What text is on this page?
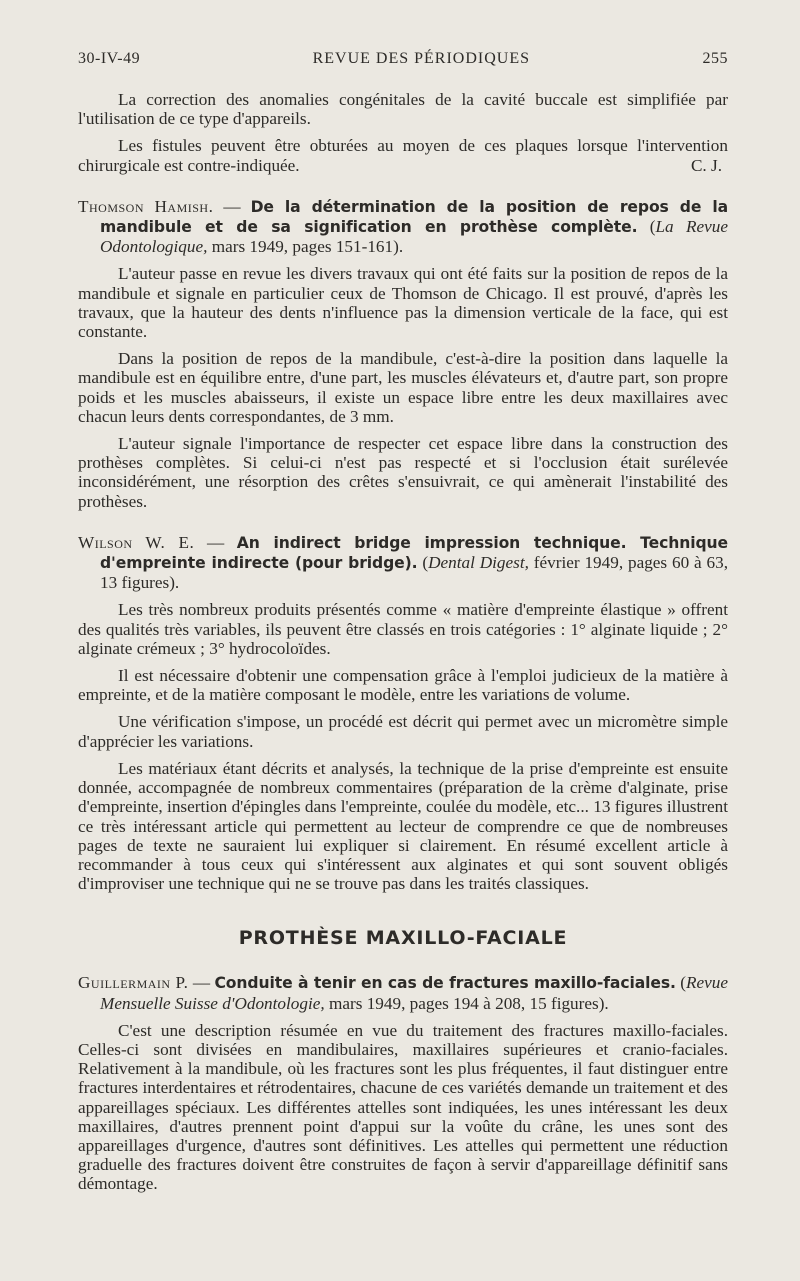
30-IV-49	REVUE DES PÉRIODIQUES	255

La correction des anomalies congénitales de la cavité buccale est simplifiée par l'utilisation de ce type d'appareils.

Les fistules peuvent être obturées au moyen de ces plaques lorsque l'intervention chirurgicale est contre-indiquée.	C. J.

Thomson Hamish. — De la détermination de la position de repos de la mandibule et de sa signification en prothèse complète. (La Revue Odontologique, mars 1949, pages 151-161).

L'auteur passe en revue les divers travaux qui ont été faits sur la position de repos de la mandibule et signale en particulier ceux de Thomson de Chicago. Il est prouvé, d'après les travaux, que la hauteur des dents n'influence pas la dimension verticale de la face, qui est constante.

Dans la position de repos de la mandibule, c'est-à-dire la position dans laquelle la mandibule est en équilibre entre, d'une part, les muscles élévateurs et, d'autre part, son propre poids et les muscles abaisseurs, il existe un espace libre entre les deux maxillaires avec chacun leurs dents correspondantes, de 3 mm.

L'auteur signale l'importance de respecter cet espace libre dans la construction des prothèses complètes. Si celui-ci n'est pas respecté et si l'occlusion était surélevée inconsidérément, une résorption des crêtes s'ensuivrait, ce qui amènerait l'instabilité des prothèses.

Wilson W. E. — An indirect bridge impression technique. Technique d'empreinte indirecte (pour bridge). (Dental Digest, février 1949, pages 60 à 63, 13 figures).

Les très nombreux produits présentés comme « matière d'empreinte élastique » offrent des qualités très variables, ils peuvent être classés en trois catégories : 1° alginate liquide ; 2° alginate crémeux ; 3° hydrocoloïdes.

Il est nécessaire d'obtenir une compensation grâce à l'emploi judicieux de la matière à empreinte, et de la matière composant le modèle, entre les variations de volume.

Une vérification s'impose, un procédé est décrit qui permet avec un micromètre simple d'apprécier les variations.

Les matériaux étant décrits et analysés, la technique de la prise d'empreinte est ensuite donnée, accompagnée de nombreux commentaires (préparation de la crème d'alginate, prise d'empreinte, insertion d'épingles dans l'empreinte, coulée du modèle, etc... 13 figures illustrent ce très intéressant article qui permettent au lecteur de comprendre ce que de nombreuses pages de texte ne sauraient lui expliquer si clairement. En résumé excellent article à recommander à tous ceux qui s'intéressent aux alginates et qui sont souvent obligés d'improviser une technique qui ne se trouve pas dans les traités classiques.

PROTHÈSE MAXILLO-FACIALE

Guillermain P. — Conduite à tenir en cas de fractures maxillo-faciales. (Revue Mensuelle Suisse d'Odontologie, mars 1949, pages 194 à 208, 15 figures).

C'est une description résumée en vue du traitement des fractures maxillo-faciales. Celles-ci sont divisées en mandibulaires, maxillaires supérieures et cranio-faciales. Relativement à la mandibule, où les fractures sont les plus fréquentes, il faut distinguer entre fractures interdentaires et rétrodentaires, chacune de ces variétés demande un traitement et des appareillages spéciaux. Les différentes attelles sont indiquées, les unes intéressant les deux maxillaires, d'autres prennent point d'appui sur la voûte du crâne, les unes sont des appareillages d'urgence, d'autres sont définitives. Les attelles qui permettent une réduction graduelle des fractures doivent être construites de façon à servir d'appareillage définitif sans démontage.
